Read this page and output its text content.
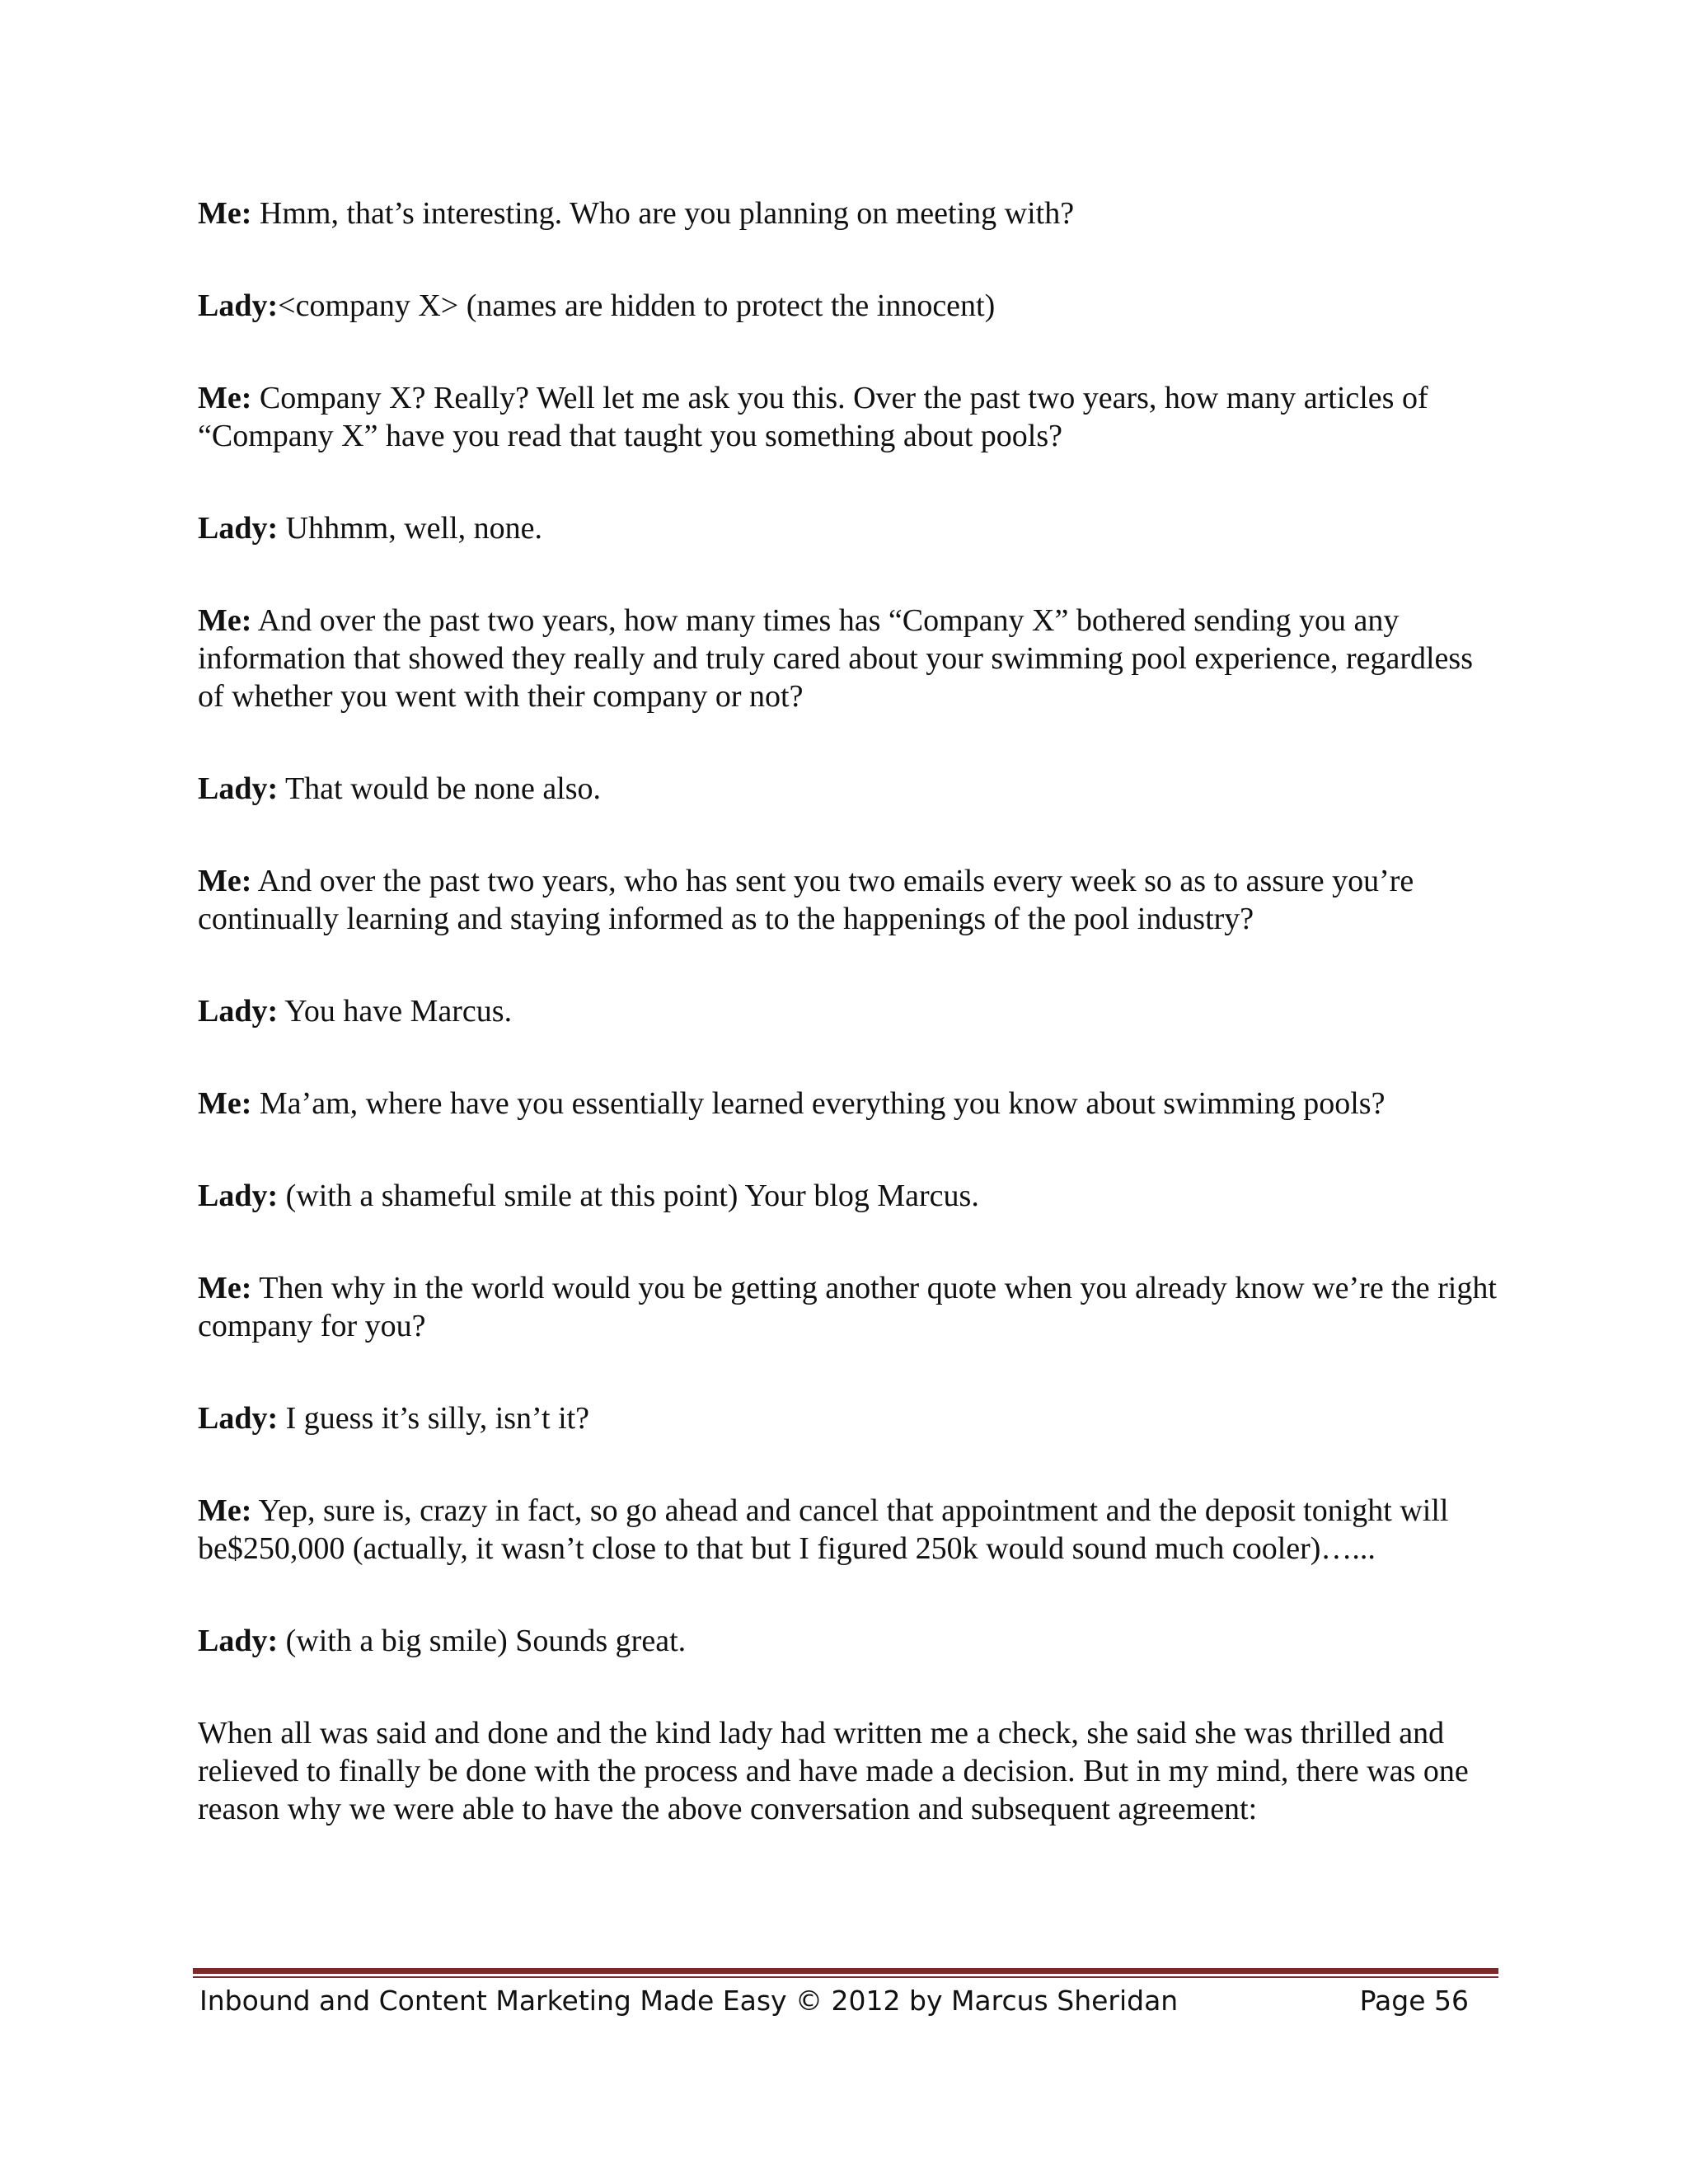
Me: Hmm, that’s interesting. Who are you planning on meeting with?

Lady:<company X> (names are hidden to protect the innocent)

Me: Company X? Really? Well let me ask you this. Over the past two years, how many articles of “Company X” have you read that taught you something about pools?

Lady: Uhhmm, well, none.

Me: And over the past two years, how many times has “Company X” bothered sending you any information that showed they really and truly cared about your swimming pool experience, regardless of whether you went with their company or not?

Lady: That would be none also.

Me: And over the past two years, who has sent you two emails every week so as to assure you’re continually learning and staying informed as to the happenings of the pool industry?

Lady: You have Marcus.

Me: Ma’am, where have you essentially learned everything you know about swimming pools?

Lady: (with a shameful smile at this point) Your blog Marcus.

Me: Then why in the world would you be getting another quote when you already know we’re the right company for you?

Lady: I guess it’s silly, isn’t it?

Me: Yep, sure is, crazy in fact, so go ahead and cancel that appointment and the deposit tonight will be$250,000 (actually, it wasn’t close to that but I figured 250k would sound much cooler)…...

Lady: (with a big smile) Sounds great.

When all was said and done and the kind lady had written me a check, she said she was thrilled and relieved to finally be done with the process and have made a decision. But in my mind, there was one reason why we were able to have the above conversation and subsequent agreement:

Inbound and Content Marketing Made Easy © 2012 by Marcus Sheridan	Page 56
